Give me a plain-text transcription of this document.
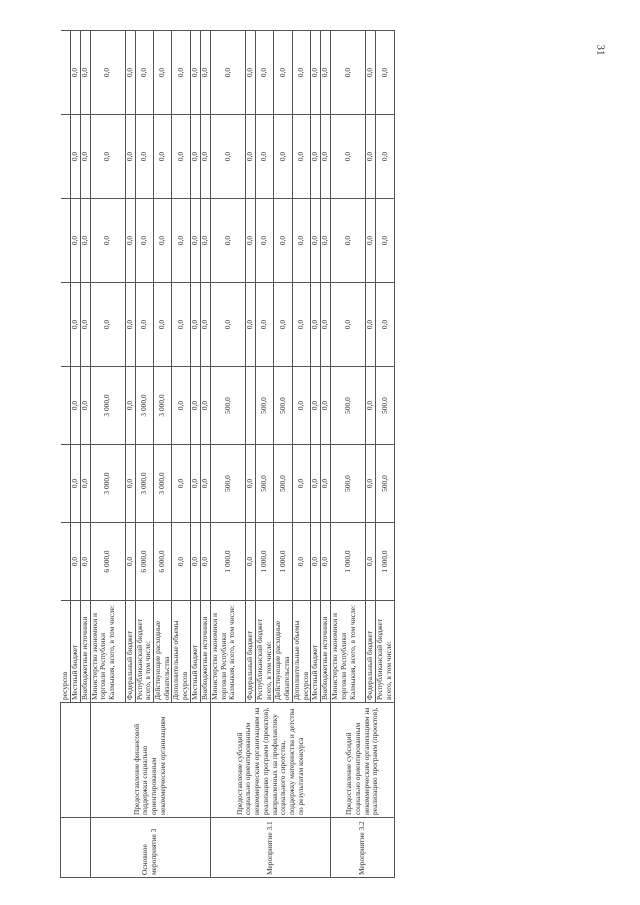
31
		ресурсов							
		Местный бюджет	0,0	0,0	0,0	0,0	0,0	0,0	0,0
		Внебюджетные источники	0,0	0,0	0,0	0,0	0,0	0,0	0,0
Основное мероприятие 3	Предоставление финансовой поддержки социально ориентированным некоммерческим организациям	Министерство экономики и торговли Республики Калмыкия, всего, в том числе:	6 000,0	3 000,0	3 000,0	0,0	0,0	0,0	0,0
		Федеральный бюджет	0,0	0,0	0,0	0,0	0,0	0,0	0,0
		Республиканский бюджет всего, в том числе:	6 000,0	3 000,0	3 000,0	0,0	0,0	0,0	0,0
		Действующие расходные обязательства	6 000,0	3 000,0	3 000,0	0,0	0,0	0,0	0,0
		Дополнительные объемы ресурсов	0,0	0,0	0,0	0,0	0,0	0,0	0,0
		Местный бюджет	0,0	0,0	0,0	0,0	0,0	0,0	0,0
		Внебюджетные источники	0,0	0,0	0,0	0,0	0,0	0,0	0,0
Мероприятие 3.1	Предоставление субсидий социально ориентированным некоммерческим организациям на реализацию программ (проектов), направленных на профилактику социального сиротства, поддержку материнства и детства по результатам конкурса	Министерство экономики и торговли Республики Калмыкия, всего, в том числе:	1 000,0	500,0	500,0	0,0	0,0	0,0	0,0
		Федеральный бюджет	0,0	0,0		0,0	0,0	0,0	0,0
		Республиканский бюджет всего, в том числе:	1 000,0	500,0	500,0	0,0	0,0	0,0	0,0
		Действующие расходные обязательства	1 000,0	500,0	500,0	0,0	0,0	0,0	0,0
		Дополнительные объемы ресурсов	0,0	0,0	0,0	0,0	0,0	0,0	0,0
		Местный бюджет	0,0	0,0	0,0	0,0	0,0	0,0	0,0
		Внебюджетные источники	0,0	0,0	0,0	0,0	0,0	0,0	0,0
Мероприятие 3.2	Предоставление субсидий социально ориентированным некоммерческим организациям на реализацию программ (проектов),	Министерство экономики и торговли Республики Калмыкия, всего, в том числе:	1 000,0	500,0	500,0	0,0	0,0	0,0	0,0
		Федеральный бюджет	0,0	0,0	0,0	0,0	0,0	0,0	0,0
		Республиканский бюджет всего, в том числе:	1 000,0	500,0	500,0	0,0	0,0	0,0	0,0
